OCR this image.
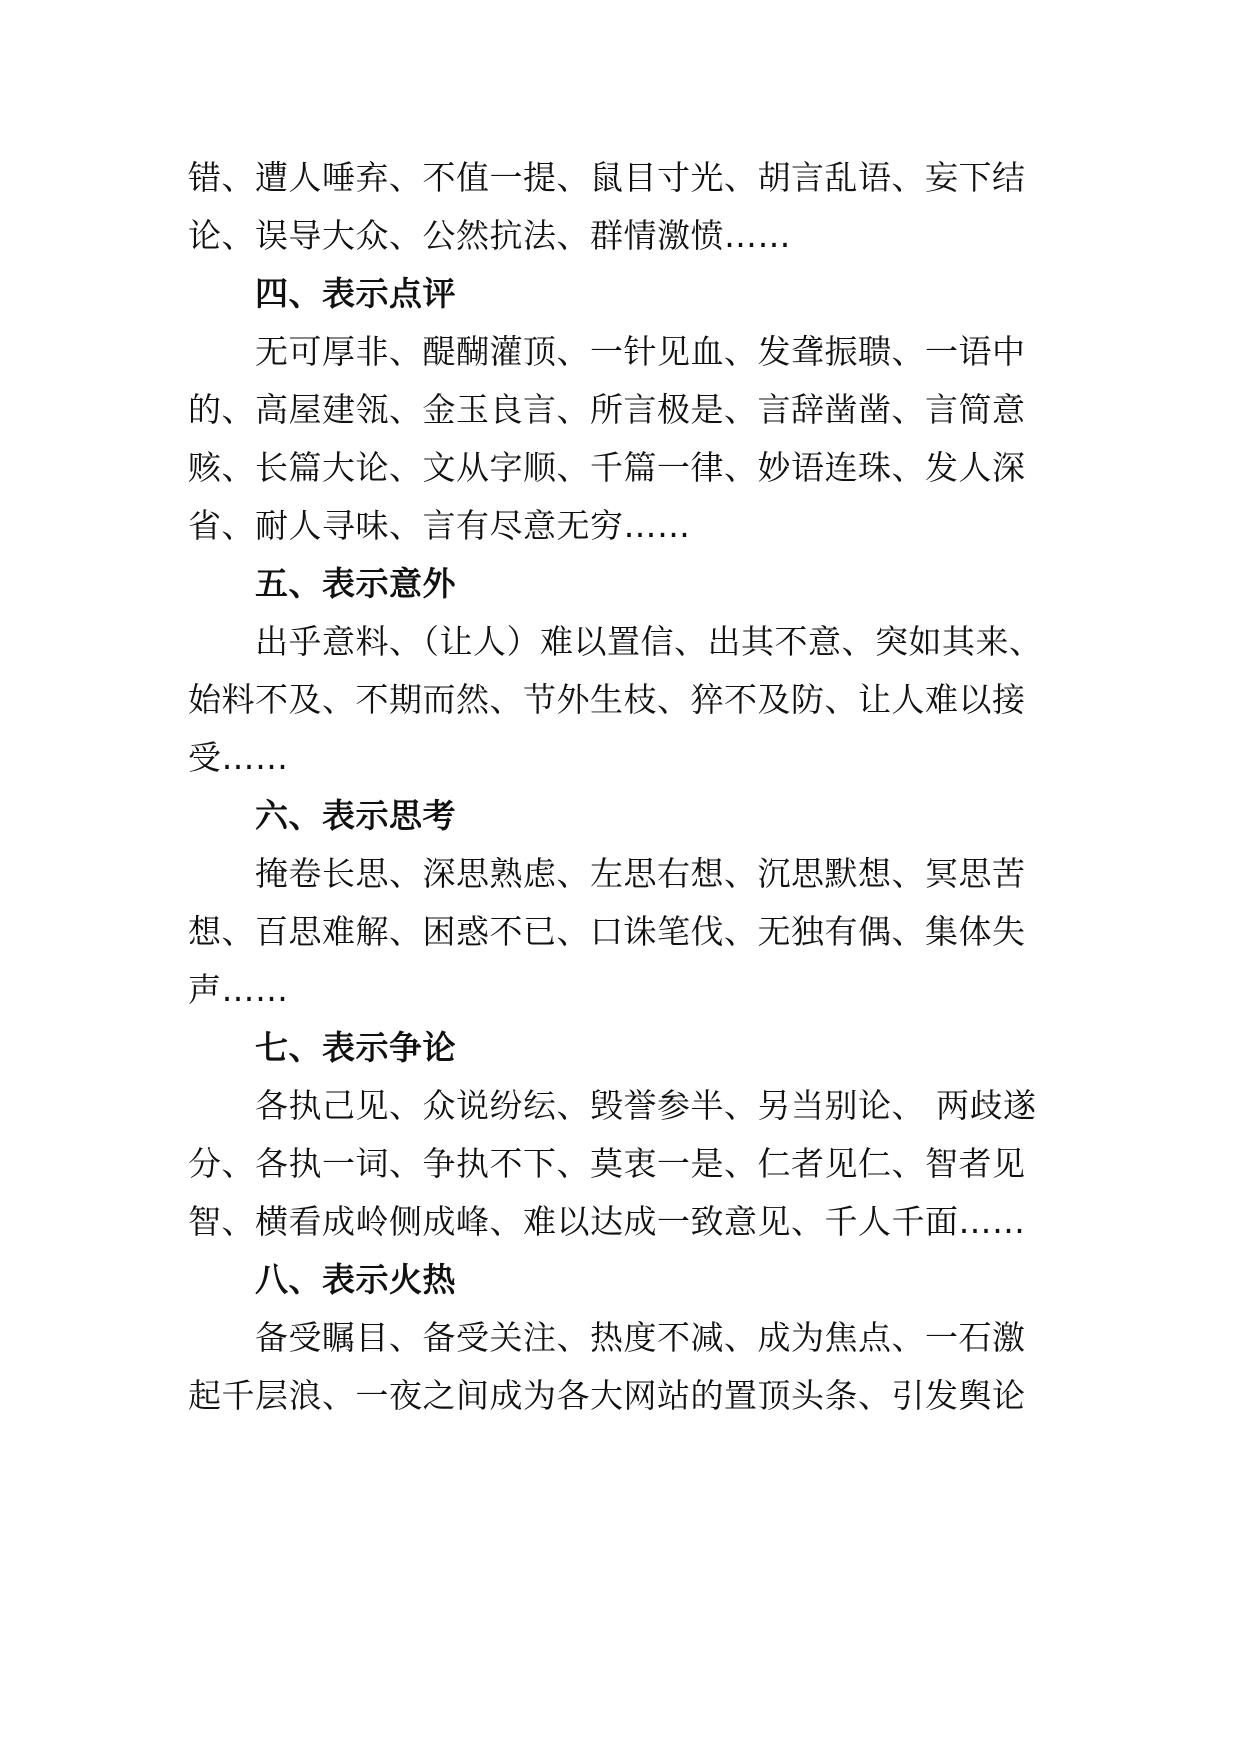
错、遭人唾弃、不值一提、鼠目寸光、胡言乱语、妄下结
论、误导大众、公然抗法、群情激愤……
四、表示点评
无可厚非、醍醐灌顶、一针见血、发聋振聩、一语中
的、高屋建瓴、金玉良言、所言极是、言辞凿凿、言简意
赅、长篇大论、文从字顺、千篇一律、妙语连珠、发人深
省、耐人寻味、言有尽意无穷……
五、表示意外
出乎意料、（让人）难以置信、出其不意、突如其来、
始料不及、不期而然、节外生枝、猝不及防、让人难以接
受……
六、表示思考
掩卷长思、深思熟虑、左思右想、沉思默想、冥思苦
想、百思难解、困惑不已、口诛笔伐、无独有偶、集体失
声……
七、表示争论
各执己见、众说纷纭、毁誉参半、另当别论、 两歧遂
分、各执一词、争执不下、莫衷一是、仁者见仁、智者见
智、横看成岭侧成峰、难以达成一致意见、千人千面……
八、表示火热
备受瞩目、备受关注、热度不减、成为焦点、一石激
起千层浪、一夜之间成为各大网站的置顶头条、引发舆论
